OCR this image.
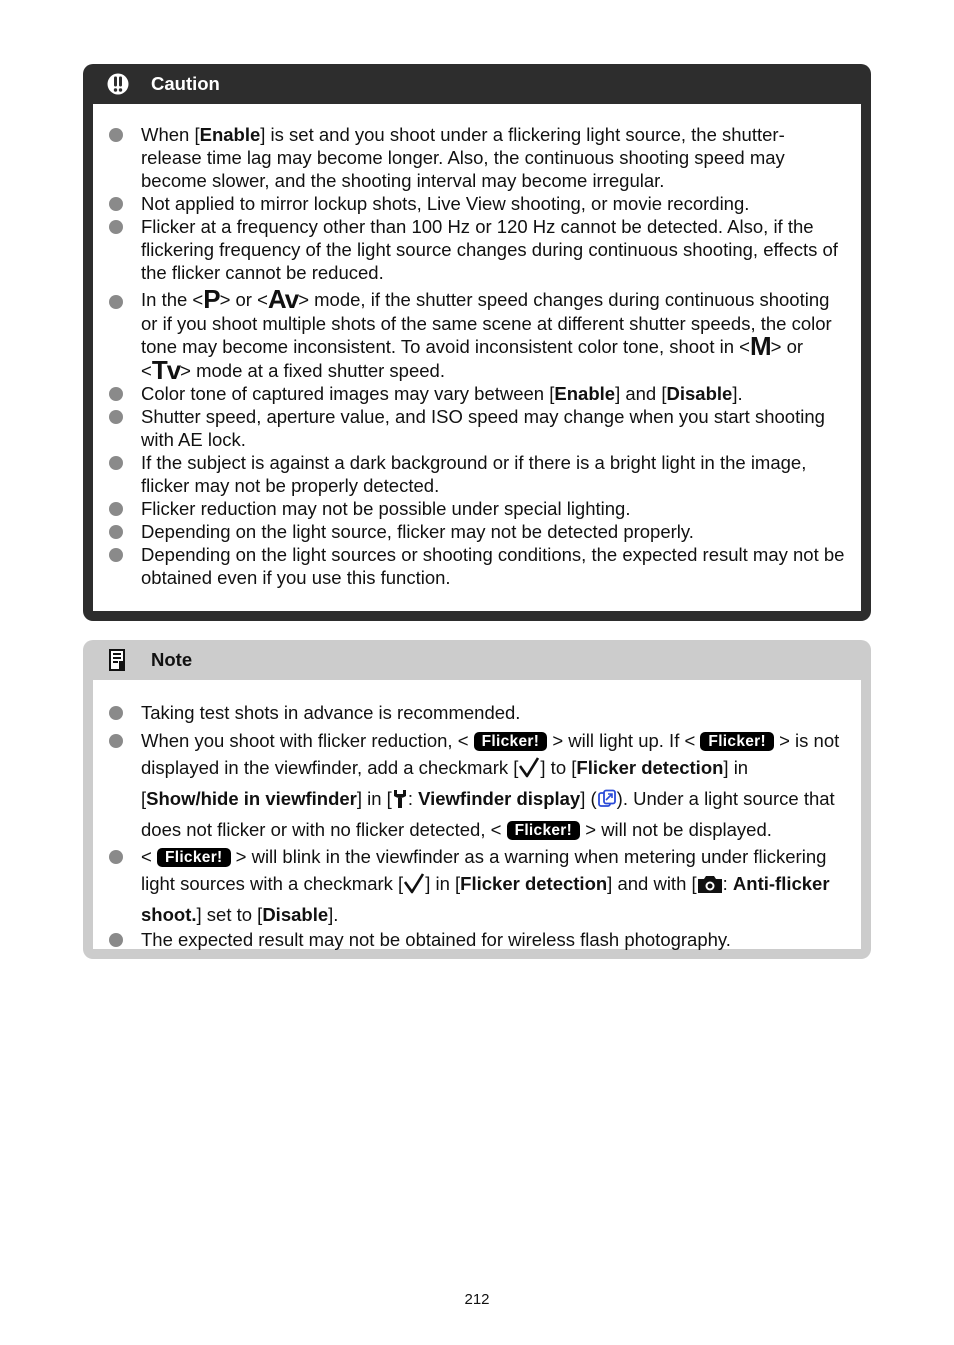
Caution
When [Enable] is set and you shoot under a flickering light source, the shutter-release time lag may become longer. Also, the continuous shooting speed may become slower, and the shooting interval may become irregular.
Not applied to mirror lockup shots, Live View shooting, or movie recording.
Flicker at a frequency other than 100 Hz or 120 Hz cannot be detected. Also, if the flickering frequency of the light source changes during continuous shooting, effects of the flicker cannot be reduced.
In the <P> or <Av> mode, if the shutter speed changes during continuous shooting or if you shoot multiple shots of the same scene at different shutter speeds, the color tone may become inconsistent. To avoid inconsistent color tone, shoot in <M> or <Tv> mode at a fixed shutter speed.
Color tone of captured images may vary between [Enable] and [Disable].
Shutter speed, aperture value, and ISO speed may change when you start shooting with AE lock.
If the subject is against a dark background or if there is a bright light in the image, flicker may not be properly detected.
Flicker reduction may not be possible under special lighting.
Depending on the light source, flicker may not be detected properly.
Depending on the light sources or shooting conditions, the expected result may not be obtained even if you use this function.
Note
Taking test shots in advance is recommended.
When you shoot with flicker reduction, < Flicker! > will light up. If < Flicker! > is not displayed in the viewfinder, add a checkmark [ ] to [Flicker detection] in [Show/hide in viewfinder] in [ : Viewfinder display] ( ). Under a light source that does not flicker or with no flicker detected, < Flicker! > will not be displayed.
< Flicker! > will blink in the viewfinder as a warning when metering under flickering light sources with a checkmark [ ] in [Flicker detection] and with [ : Anti-flicker shoot.] set to [Disable].
The expected result may not be obtained for wireless flash photography.
212
